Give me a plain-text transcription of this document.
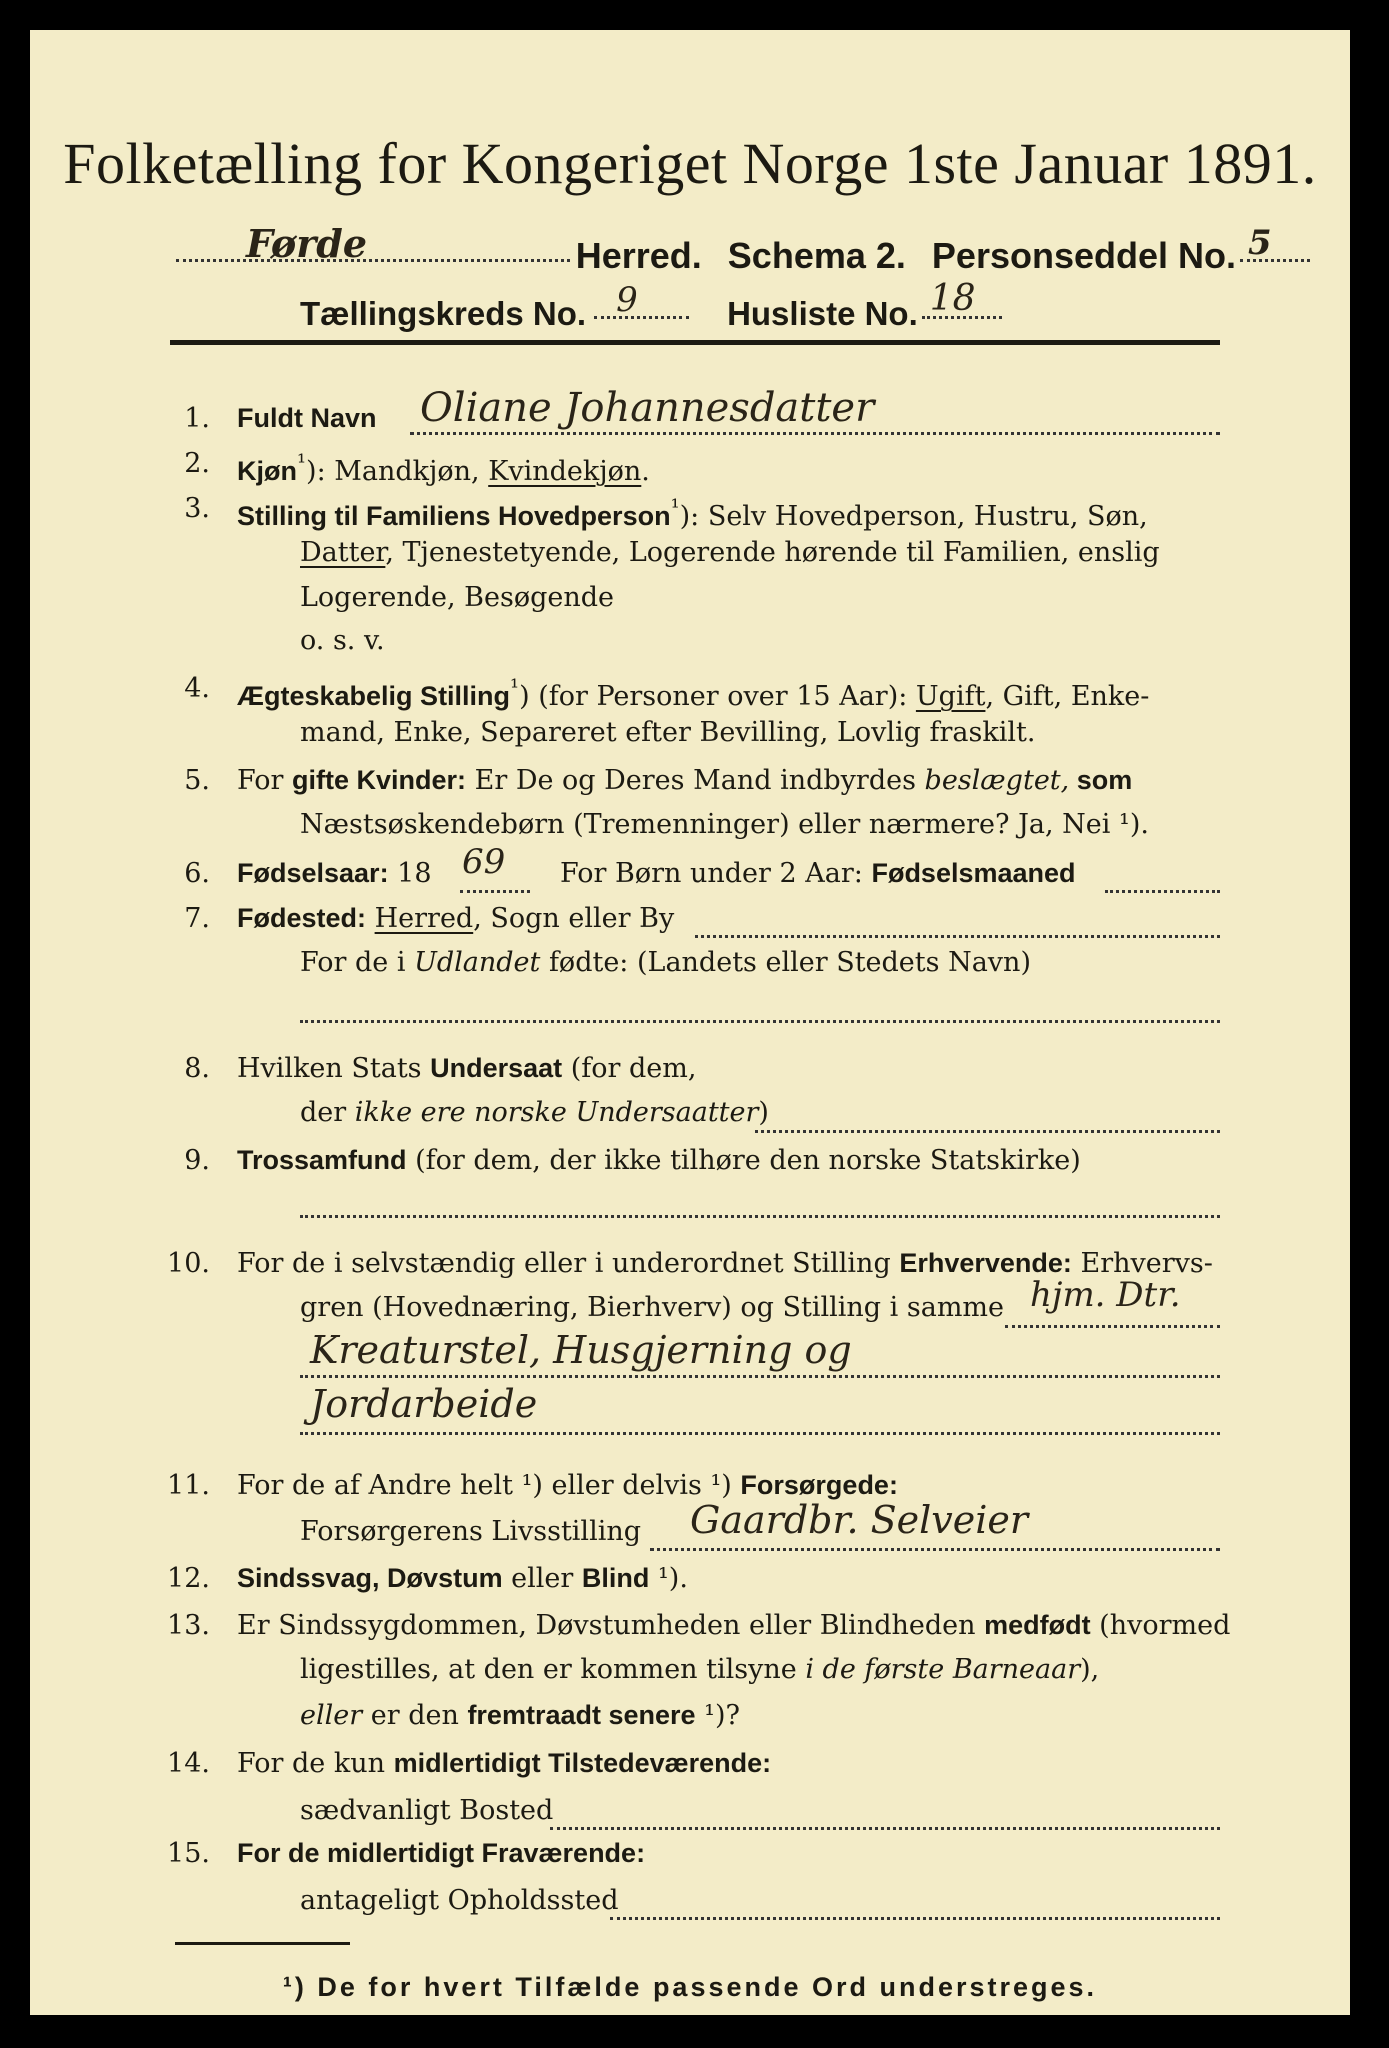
Folketælling for Kongeriget Norge 1ste Januar 1891.
Førde	Herred. Schema 2. Personseddel No. 5
Tællingskreds No. 9	Husliste No. 18
1. Fuldt Navn Oliane Johannesdatter
2. Kjøn$^{^1}$): Mandkjøn, Kvindekjøn.
3. Stilling til Familiens Hovedperson$^{^1}$): Selv Hovedperson, Hustru, Søn,
Datter, Tjenestetyende, Logerende hørende til Familien, enslig
Logerende, Besøgende
o. s. v.
4. Ægteskabelig Stilling$^{^1}$) (for Personer over 15 Aar): Ugift, Gift, Enke-
mand, Enke, Separeret efter Bevilling, Lovlig fraskilt.
5. For gifte Kvinder: Er De og Deres Mand indbyrdes beslægtet, som
Næstsøskendebørn (Tremenninger) eller nærmere? Ja, Nei ¹).
6. Fødselsaar: 18 69 For Børn under 2 Aar: Fødselsmaaned
7. Fødested: Herred, Sogn eller By
For de i Udlandet fødte: (Landets eller Stedets Navn)
8. Hvilken Stats Undersaat (for dem,
der ikke ere norske Undersaatter)
9. Trossamfund (for dem, der ikke tilhøre den norske Statskirke)
10. For de i selvstændig eller i underordnet Stilling Erhvervende: Erhvervs-
gren (Hovednæring, Bierhverv) og Stilling i samme hjm. Dtr.
Kreaturstel, Husgjerning og
Jordarbeide
11. For de af Andre helt ¹) eller delvis ¹) Forsørgede:
Forsørgerens Livsstilling Gaardbr. Selveier
12. Sindssvag, Døvstum eller Blind ¹).
13. Er Sindssygdommen, Døvstumheden eller Blindheden medfødt (hvormed
ligestilles, at den er kommen tilsyne i de første Barneaar),
eller er den fremtraadt senere ¹)?
14. For de kun midlertidigt Tilstedeværende:
sædvanligt Bosted
15. For de midlertidigt Fraværende:
antageligt Opholdssted
¹) De for hvert Tilfælde passende Ord understreges.
